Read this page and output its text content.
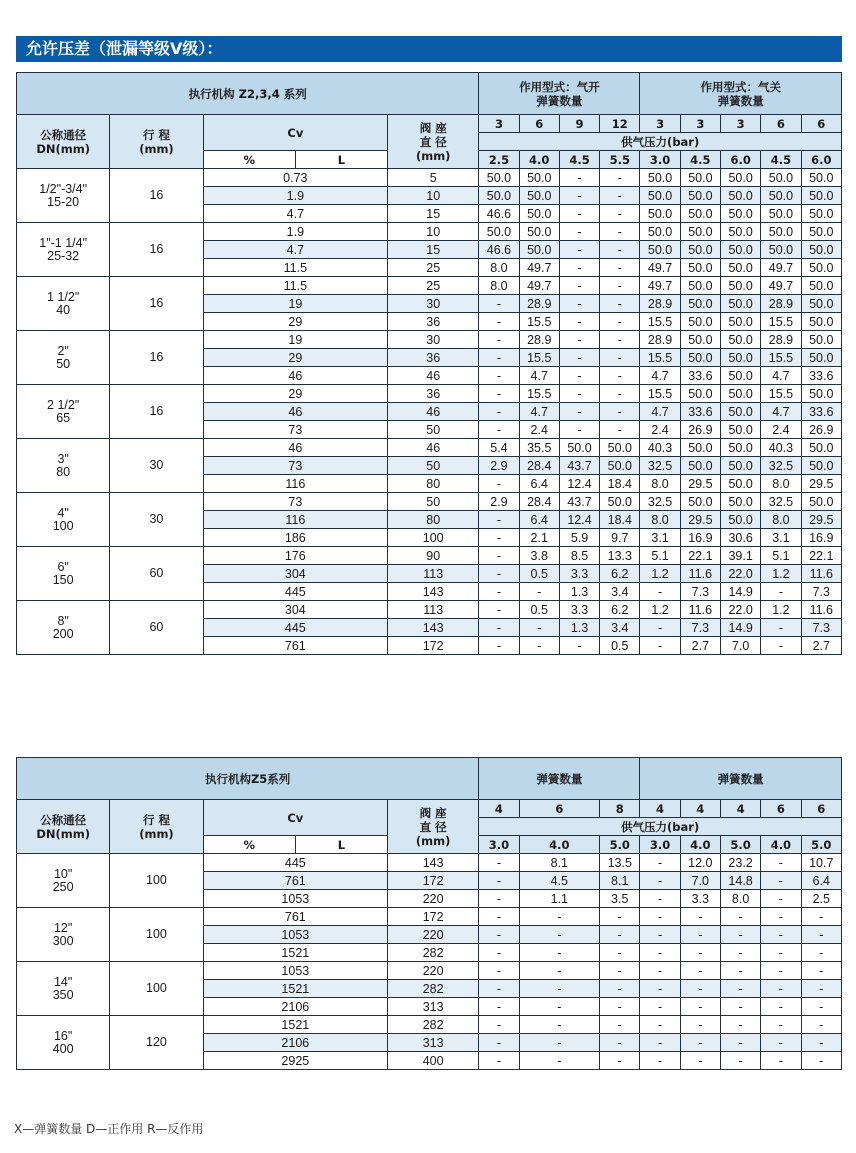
允许压差（泄漏等级V级）：
执行机构 Z2,3,4 系列					作用型式：气开
弹簧数量				作用型式：气关
弹簧数量				
公称通径
DN(mm)	行 程
(mm)	Cv		阀 座
直 径
(mm)	3	6	9	12	3	3	3	6	6
					供气压力(bar)								
		%	L		2.5	4.0	4.5	5.5	3.0	4.5	6.0	4.5	6.0
1/2"-3/4"
15-20	16	0.73		5	50.0	50.0	-	-	50.0	50.0	50.0	50.0	50.0
		1.9		10	50.0	50.0	-	-	50.0	50.0	50.0	50.0	50.0
		4.7		15	46.6	50.0	-	-	50.0	50.0	50.0	50.0	50.0
1"-1 1/4"
25-32	16	1.9		10	50.0	50.0	-	-	50.0	50.0	50.0	50.0	50.0
		4.7		15	46.6	50.0	-	-	50.0	50.0	50.0	50.0	50.0
		11.5		25	8.0	49.7	-	-	49.7	50.0	50.0	49.7	50.0
1 1/2"
40	16	11.5		25	8.0	49.7	-	-	49.7	50.0	50.0	49.7	50.0
		19		30	-	28.9	-	-	28.9	50.0	50.0	28.9	50.0
		29		36	-	15.5	-	-	15.5	50.0	50.0	15.5	50.0
2"
50	16	19		30	-	28.9	-	-	28.9	50.0	50.0	28.9	50.0
		29		36	-	15.5	-	-	15.5	50.0	50.0	15.5	50.0
		46		46	-	4.7	-	-	4.7	33.6	50.0	4.7	33.6
2 1/2"
65	16	29		36	-	15.5	-	-	15.5	50.0	50.0	15.5	50.0
		46		46	-	4.7	-	-	4.7	33.6	50.0	4.7	33.6
		73		50	-	2.4	-	-	2.4	26.9	50.0	2.4	26.9
3"
80	30	46		46	5.4	35.5	50.0	50.0	40.3	50.0	50.0	40.3	50.0
		73		50	2.9	28.4	43.7	50.0	32.5	50.0	50.0	32.5	50.0
		116		80	-	6.4	12.4	18.4	8.0	29.5	50.0	8.0	29.5
4"
100	30	73		50	2.9	28.4	43.7	50.0	32.5	50.0	50.0	32.5	50.0
		116		80	-	6.4	12.4	18.4	8.0	29.5	50.0	8.0	29.5
		186		100	-	2.1	5.9	9.7	3.1	16.9	30.6	3.1	16.9
6"
150	60	176		90	-	3.8	8.5	13.3	5.1	22.1	39.1	5.1	22.1
		304		113	-	0.5	3.3	6.2	1.2	11.6	22.0	1.2	11.6
		445		143	-	-	1.3	3.4	-	7.3	14.9	-	7.3
8"
200	60	304		113	-	0.5	3.3	6.2	1.2	11.6	22.0	1.2	11.6
		445		143	-	-	1.3	3.4	-	7.3	14.9	-	7.3
		761		172	-	-	-	0.5	-	2.7	7.0	-	2.7
执行机构Z5系列					弹簧数量			弹簧数量				
公称通径
DN(mm)	行 程
(mm)	Cv		阀 座
直 径
(mm)	4	6	8	4	4	4	6	6
					供气压力(bar)							
		%	L		3.0	4.0	5.0	3.0	4.0	5.0	4.0	5.0
10"
250	100	445		143	-	8.1	13.5	-	12.0	23.2	-	10.7
		761		172	-	4.5	8.1	-	7.0	14.8	-	6.4
		1053		220	-	1.1	3.5	-	3.3	8.0	-	2.5
12"
300	100	761		172	-	-	-	-	-	-	-	-
		1053		220	-	-	-	-	-	-	-	-
		1521		282	-	-	-	-	-	-	-	-
14"
350	100	1053		220	-	-	-	-	-	-	-	-
		1521		282	-	-	-	-	-	-	-	-
		2106		313	-	-	-	-	-	-	-	-
16"
400	120	1521		282	-	-	-	-	-	-	-	-
		2106		313	-	-	-	-	-	-	-	-
		2925		400	-	-	-	-	-	-	-	-
X—弹簧数量 D—正作用 R—反作用
